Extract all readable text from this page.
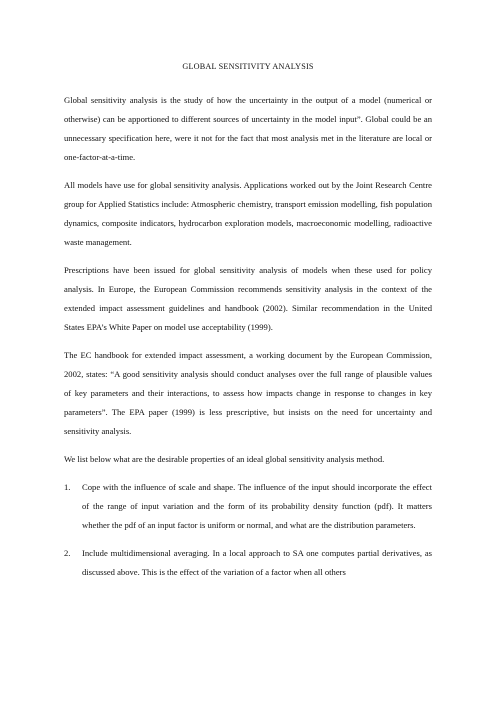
GLOBAL SENSITIVITY ANALYSIS

Global sensitivity analysis is the study of how the uncertainty in the output of a model (numerical or otherwise) can be apportioned to different sources of uncertainty in the model input”. Global could be an unnecessary specification here, were it not for the fact that most analysis met in the literature are local or one-factor-at-a-time.

All models have use for global sensitivity analysis. Applications worked out by the Joint Research Centre group for Applied Statistics include: Atmospheric chemistry, transport emission modelling, fish population dynamics, composite indicators, hydrocarbon exploration models, macroeconomic modelling, radioactive waste management.

Prescriptions have been issued for global sensitivity analysis of models when these used for policy analysis. In Europe, the European Commission recommends sensitivity analysis in the context of the extended impact assessment guidelines and handbook (2002). Similar recommendation in the United States EPA’s White Paper on model use acceptability (1999).

The EC handbook for extended impact assessment, a working document by the European Commission, 2002, states: “A good sensitivity analysis should conduct analyses over the full range of plausible values of key parameters and their interactions, to assess how impacts change in response to changes in key parameters”. The EPA paper (1999) is less prescriptive, but insists on the need for uncertainty and sensitivity analysis.

We list below what are the desirable properties of an ideal global sensitivity analysis method.

1.	Cope with the influence of scale and shape. The influence of the input should incorporate the effect of the range of input variation and the form of its probability density function (pdf). It matters whether the pdf of an input factor is uniform or normal, and what are the distribution parameters.
2.	Include multidimensional averaging. In a local approach to SA one computes partial derivatives, as discussed above. This is the effect of the variation of a factor when all others
